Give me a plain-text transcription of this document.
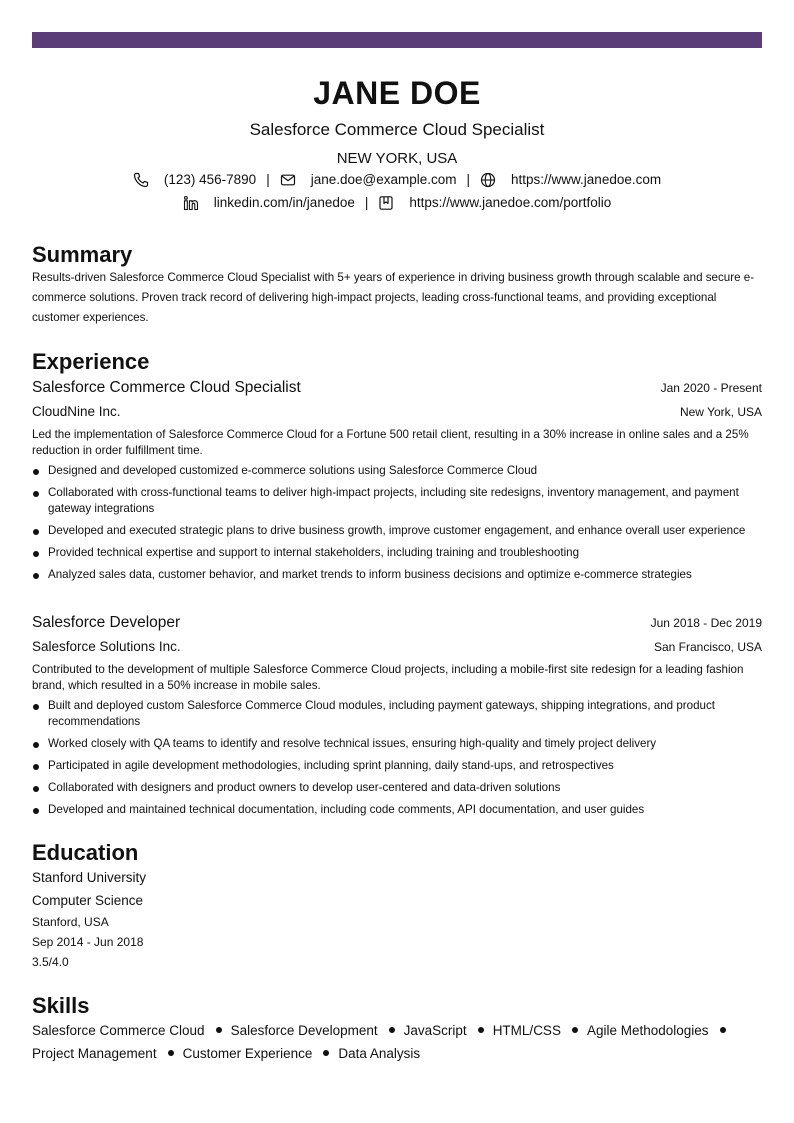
JANE DOE
Salesforce Commerce Cloud Specialist
NEW YORK, USA
(123) 456-7890 |	jane.doe@example.com |	https://www.janedoe.com
linkedin.com/in/janedoe |	https://www.janedoe.com/portfolio
Summary
Results-driven Salesforce Commerce Cloud Specialist with 5+ years of experience in driving business growth through scalable and secure e-commerce solutions. Proven track record of delivering high-impact projects, leading cross-functional teams, and providing exceptional customer experiences.
Experience
Salesforce Commerce Cloud Specialist	Jan 2020 - Present
CloudNine Inc.	New York, USA
Led the implementation of Salesforce Commerce Cloud for a Fortune 500 retail client, resulting in a 30% increase in online sales and a 25% reduction in order fulfillment time.
Designed and developed customized e-commerce solutions using Salesforce Commerce Cloud
Collaborated with cross-functional teams to deliver high-impact projects, including site redesigns, inventory management, and payment gateway integrations
Developed and executed strategic plans to drive business growth, improve customer engagement, and enhance overall user experience
Provided technical expertise and support to internal stakeholders, including training and troubleshooting
Analyzed sales data, customer behavior, and market trends to inform business decisions and optimize e-commerce strategies
Salesforce Developer	Jun 2018 - Dec 2019
Salesforce Solutions Inc.	San Francisco, USA
Contributed to the development of multiple Salesforce Commerce Cloud projects, including a mobile-first site redesign for a leading fashion brand, which resulted in a 50% increase in mobile sales.
Built and deployed custom Salesforce Commerce Cloud modules, including payment gateways, shipping integrations, and product recommendations
Worked closely with QA teams to identify and resolve technical issues, ensuring high-quality and timely project delivery
Participated in agile development methodologies, including sprint planning, daily stand-ups, and retrospectives
Collaborated with designers and product owners to develop user-centered and data-driven solutions
Developed and maintained technical documentation, including code comments, API documentation, and user guides
Education
Stanford University
Computer Science
Stanford, USA
Sep 2014 - Jun 2018
3.5/4.0
Skills
Salesforce Commerce Cloud Salesforce Development JavaScript HTML/CSS Agile Methodologies
Project Management Customer Experience Data Analysis
